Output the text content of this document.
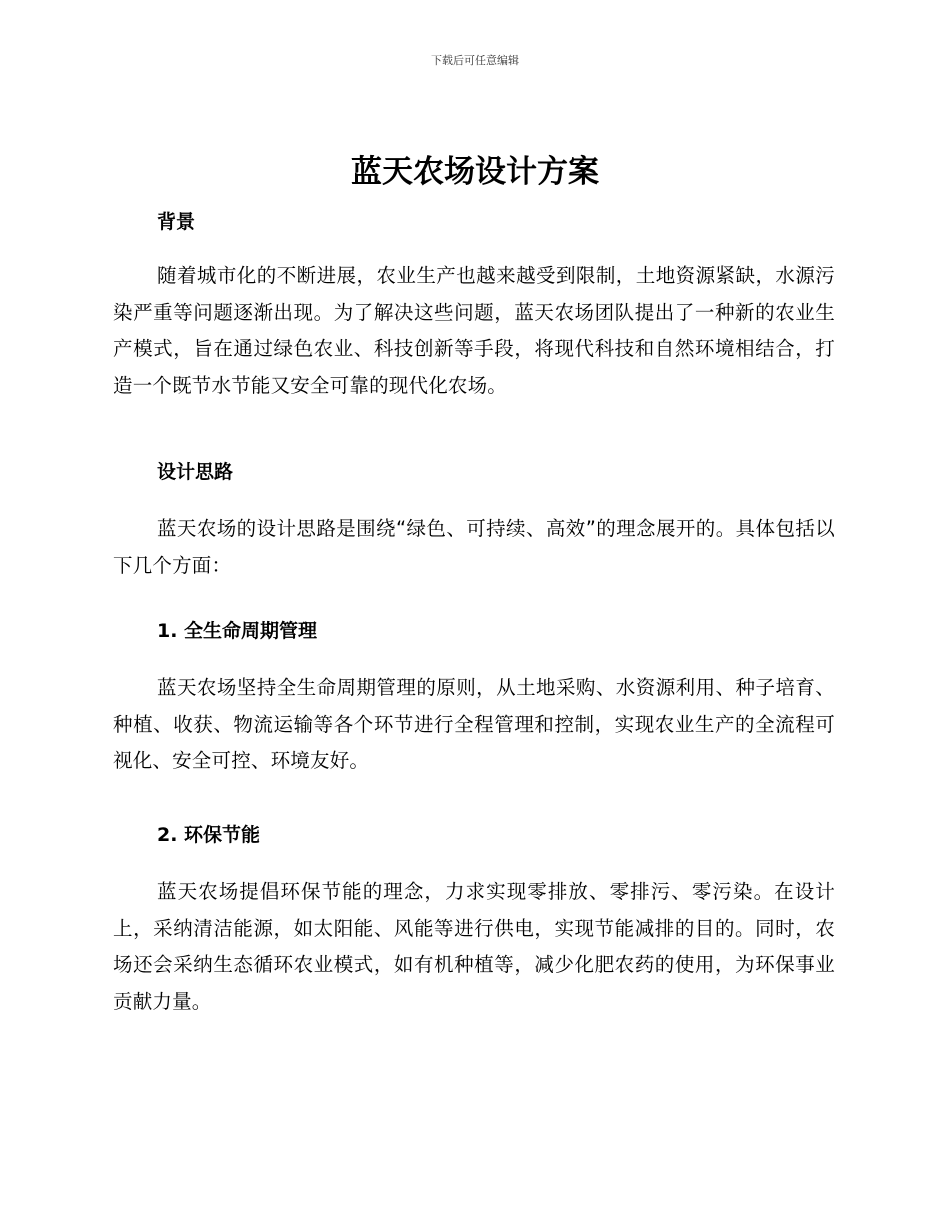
下载后可任意编辑
蓝天农场设计方案
背景

随着城市化的不断进展，农业生产也越来越受到限制，土地资源紧缺，水源污染严重等问题逐渐出现。为了解决这些问题，蓝天农场团队提出了一种新的农业生产模式，旨在通过绿色农业、科技创新等手段，将现代科技和自然环境相结合，打造一个既节水节能又安全可靠的现代化农场。

设计思路

蓝天农场的设计思路是围绕“绿色、可持续、高效”的理念展开的。具体包括以下几个方面：

1. 全生命周期管理

蓝天农场坚持全生命周期管理的原则，从土地采购、水资源利用、种子培育、种植、收获、物流运输等各个环节进行全程管理和控制，实现农业生产的全流程可视化、安全可控、环境友好。

2. 环保节能

蓝天农场提倡环保节能的理念，力求实现零排放、零排污、零污染。在设计上，采纳清洁能源，如太阳能、风能等进行供电，实现节能减排的目的。同时，农场还会采纳生态循环农业模式，如有机种植等，减少化肥农药的使用，为环保事业贡献力量。
